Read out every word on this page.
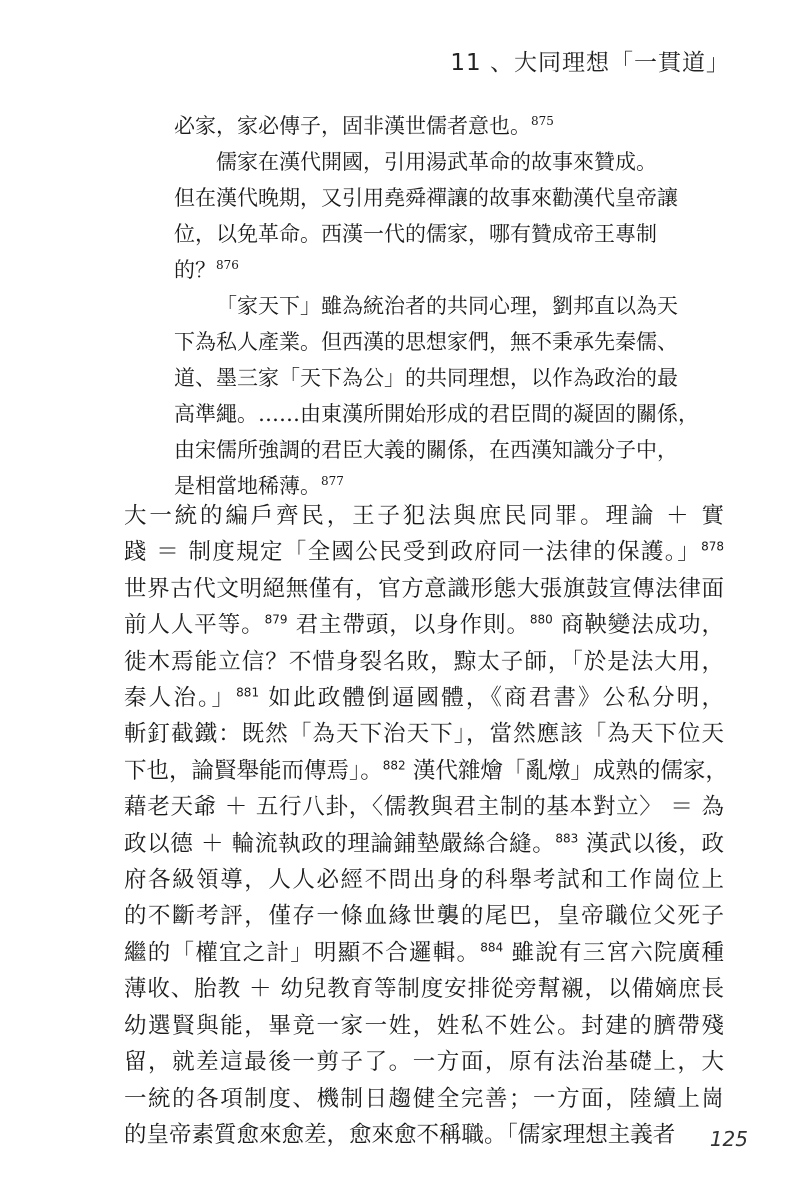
11 、大同理想「一貫道」
必家，家必傳子，固非漢世儒者意也。$^{875}$
儒家在漢代開國，引用湯武革命的故事來贊成。
但在漢代晚期，又引用堯舜禪讓的故事來勸漢代皇帝讓
位，以免革命。西漢一代的儒家，哪有贊成帝王專制
的？$^{876}$
「家天下」雖為統治者的共同心理，劉邦直以為天
下為私人產業。但西漢的思想家們，無不秉承先秦儒、
道、墨三家「天下為公」的共同理想，以作為政治的最
高準繩。……由東漢所開始形成的君臣間的凝固的關係，
由宋儒所強調的君臣大義的關係，在西漢知識分子中，
是相當地稀薄。$^{877}$
大一統的編戶齊民，王子犯法與庶民同罪。理論 ＋ 實
踐 ＝ 制度規定「全國公民受到政府同一法律的保護。」$^{878}$
世界古代文明絕無僅有，官方意識形態大張旗鼓宣傳法律面
前人人平等。$^{879}$ 君主帶頭，以身作則。$^{880}$ 商鞅變法成功，
徙木焉能立信？不惜身裂名敗，黥太子師，「於是法大用，
秦人治。」$^{881}$ 如此政體倒逼國體，《商君書》公私分明，
斬釘截鐵：既然「為天下治天下」，當然應該「為天下位天
下也，論賢舉能而傳焉」。$^{882}$ 漢代雜燴「亂燉」成熟的儒家，
藉老天爺 ＋ 五行八卦，〈儒教與君主制的基本對立〉 ＝ 為
政以德 ＋ 輪流執政的理論鋪墊嚴絲合縫。$^{883}$ 漢武以後，政
府各級領導，人人必經不問出身的科舉考試和工作崗位上
的不斷考評，僅存一條血緣世襲的尾巴，皇帝職位父死子
繼的「權宜之計」明顯不合邏輯。$^{884}$ 雖說有三宮六院廣種
薄收、胎教 ＋ 幼兒教育等制度安排從旁幫襯，以備嫡庶長
幼選賢與能，畢竟一家一姓，姓私不姓公。封建的臍帶殘
留，就差這最後一剪子了。一方面，原有法治基礎上，大
一統的各項制度、機制日趨健全完善；一方面，陸續上崗
的皇帝素質愈來愈差，愈來愈不稱職。「儒家理想主義者	125
